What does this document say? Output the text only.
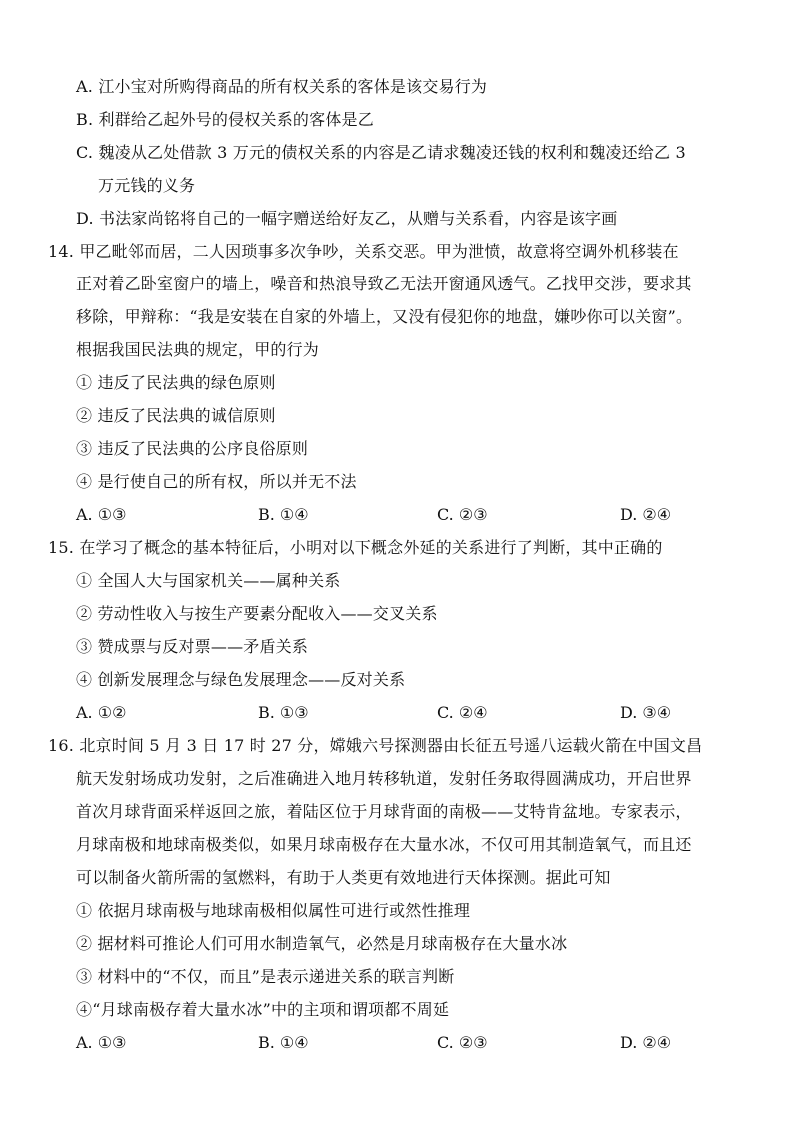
A. 江小宝对所购得商品的所有权关系的客体是该交易行为
B. 利群给乙起外号的侵权关系的客体是乙
C. 魏凌从乙处借款 3 万元的债权关系的内容是乙请求魏凌还钱的权利和魏凌还给乙 3
万元钱的义务
D. 书法家尚铭将自己的一幅字赠送给好友乙，从赠与关系看，内容是该字画
14. 甲乙毗邻而居，二人因琐事多次争吵，关系交恶。甲为泄愤，故意将空调外机移装在
正对着乙卧室窗户的墙上，噪音和热浪导致乙无法开窗通风透气。乙找甲交涉，要求其
移除，甲辩称：“我是安装在自家的外墙上，又没有侵犯你的地盘，嫌吵你可以关窗”。
根据我国民法典的规定，甲的行为
① 违反了民法典的绿色原则
② 违反了民法典的诚信原则
③ 违反了民法典的公序良俗原则
④ 是行使自己的所有权，所以并无不法
A. ①③	B. ①④	C. ②③	D. ②④
15. 在学习了概念的基本特征后，小明对以下概念外延的关系进行了判断，其中正确的
① 全国人大与国家机关——属种关系
② 劳动性收入与按生产要素分配收入——交叉关系
③ 赞成票与反对票——矛盾关系
④ 创新发展理念与绿色发展理念——反对关系
A. ①②	B. ①③	C. ②④	D. ③④
16. 北京时间 5 月 3 日 17 时 27 分，嫦娥六号探测器由长征五号遥八运载火箭在中国文昌
航天发射场成功发射，之后准确进入地月转移轨道，发射任务取得圆满成功，开启世界
首次月球背面采样返回之旅，着陆区位于月球背面的南极——艾特肯盆地。专家表示，
月球南极和地球南极类似，如果月球南极存在大量水冰，不仅可用其制造氧气，而且还
可以制备火箭所需的氢燃料，有助于人类更有效地进行天体探测。据此可知
① 依据月球南极与地球南极相似属性可进行或然性推理
② 据材料可推论人们可用水制造氧气，必然是月球南极存在大量水冰
③ 材料中的“不仅，而且”是表示递进关系的联言判断
④“月球南极存着大量水冰”中的主项和谓项都不周延
A. ①③	B. ①④	C. ②③	D. ②④
